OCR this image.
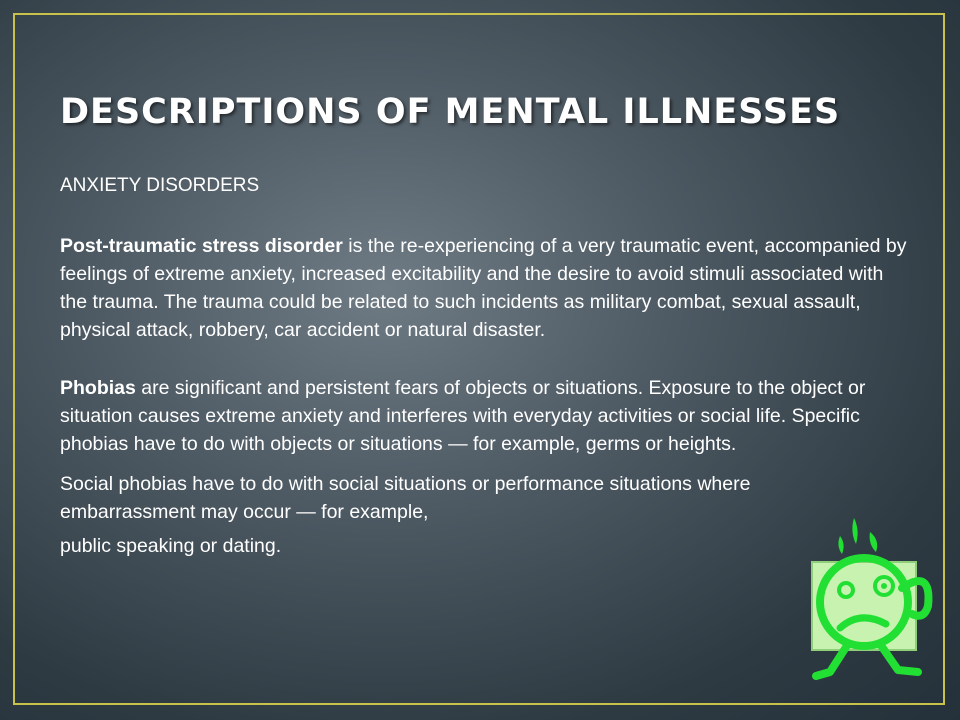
DESCRIPTIONS OF MENTAL ILLNESSES

ANXIETY DISORDERS

Post-traumatic stress disorder is the re-experiencing of a very traumatic event, accompanied by feelings of extreme anxiety, increased excitability and the desire to avoid stimuli associated with the trauma. The trauma could be related to such incidents as military combat, sexual assault, physical attack, robbery, car accident or natural disaster.

Phobias are significant and persistent fears of objects or situations. Exposure to the object or situation causes extreme anxiety and interferes with everyday activities or social life. Specific phobias have to do with objects or situations — for example, germs or heights.

Social phobias have to do with social situations or performance situations where embarrassment may occur — for example,

public speaking or dating.
